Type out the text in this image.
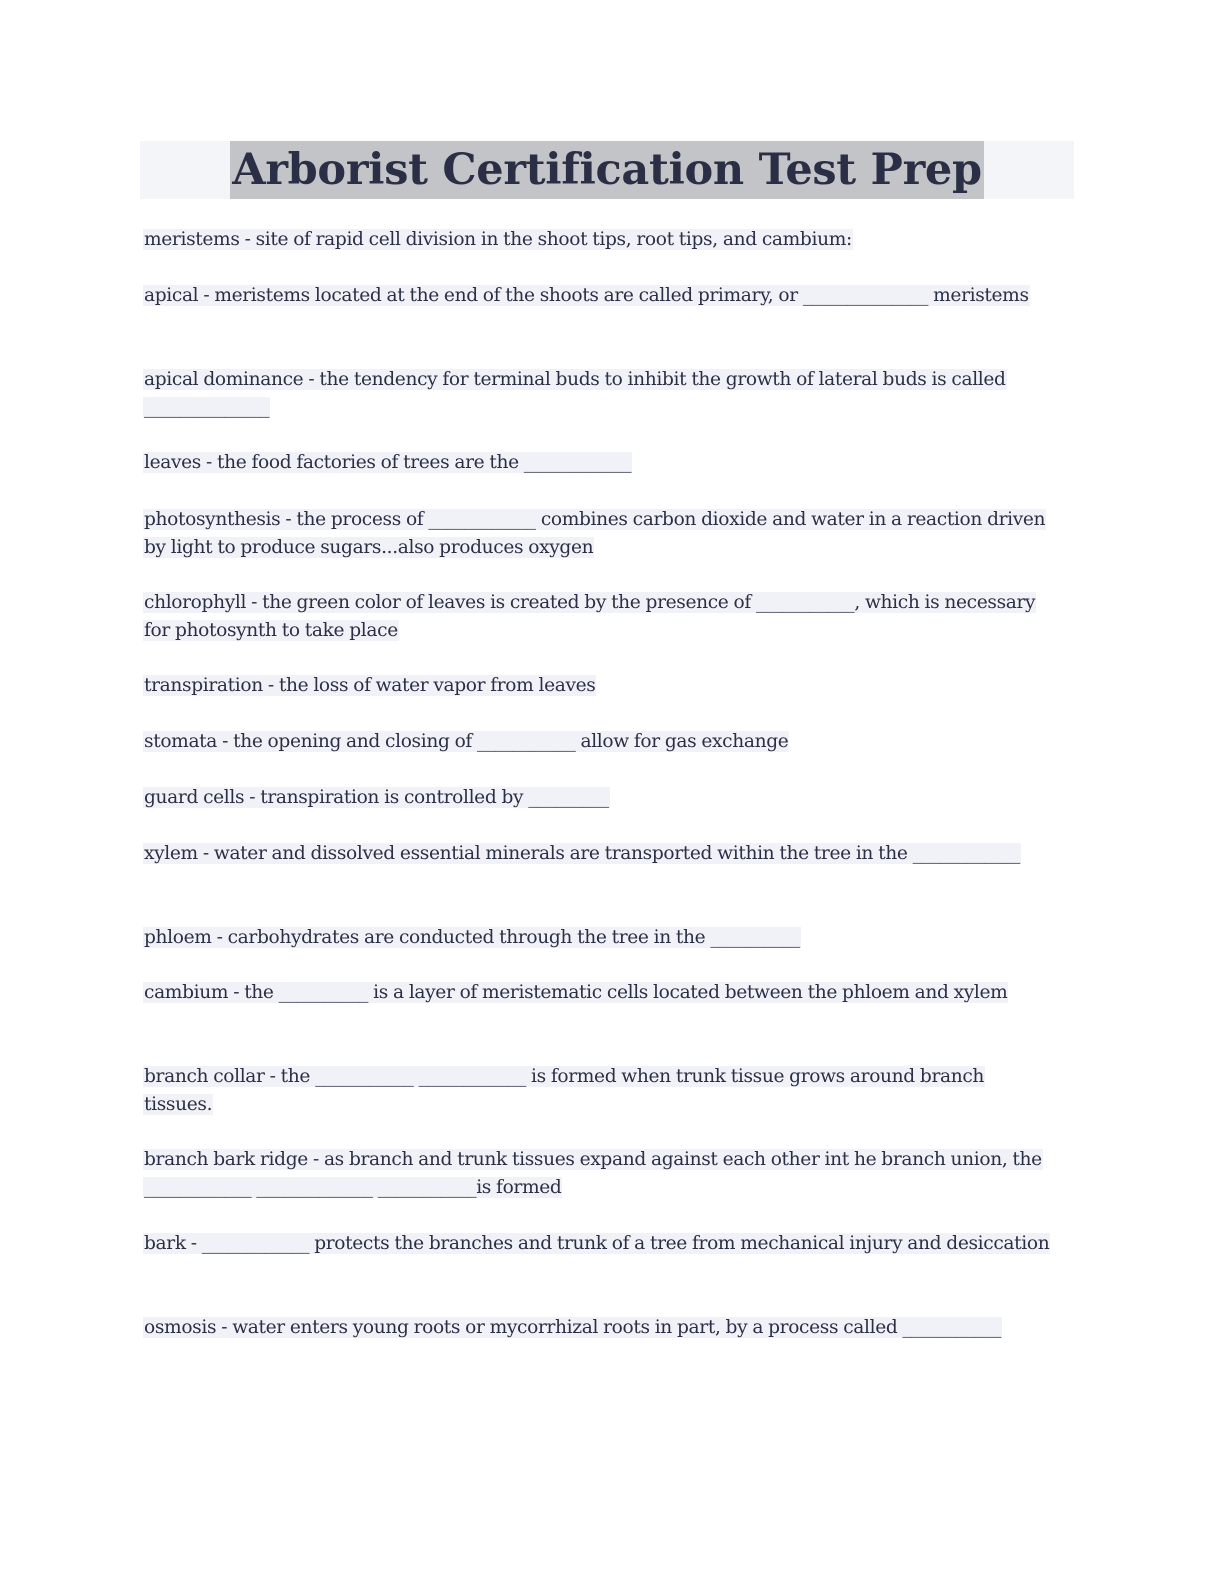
Arborist Certification Test Prep

meristems - site of rapid cell division in the shoot tips, root tips, and cambium:

apical - meristems located at the end of the shoots are called primary, or ______________ meristems

apical dominance - the tendency for terminal buds to inhibit the growth of lateral buds is called ______________

leaves - the food factories of trees are the ____________

photosynthesis - the process of ____________ combines carbon dioxide and water in a reaction driven by light to produce sugars...also produces oxygen

chlorophyll - the green color of leaves is created by the presence of ___________, which is necessary for photosynth to take place

transpiration - the loss of water vapor from leaves

stomata - the opening and closing of ___________ allow for gas exchange

guard cells - transpiration is controlled by _________

xylem - water and dissolved essential minerals are transported within the tree in the ____________

phloem - carbohydrates are conducted through the tree in the __________

cambium - the __________ is a layer of meristematic cells located between the phloem and xylem

branch collar - the ___________ ____________ is formed when trunk tissue grows around branch tissues.

branch bark ridge - as branch and trunk tissues expand against each other int he branch union, the ____________ _____________ ___________is formed

bark - ____________ protects the branches and trunk of a tree from mechanical injury and desiccation

osmosis - water enters young roots or mycorrhizal roots in part, by a process called ___________
